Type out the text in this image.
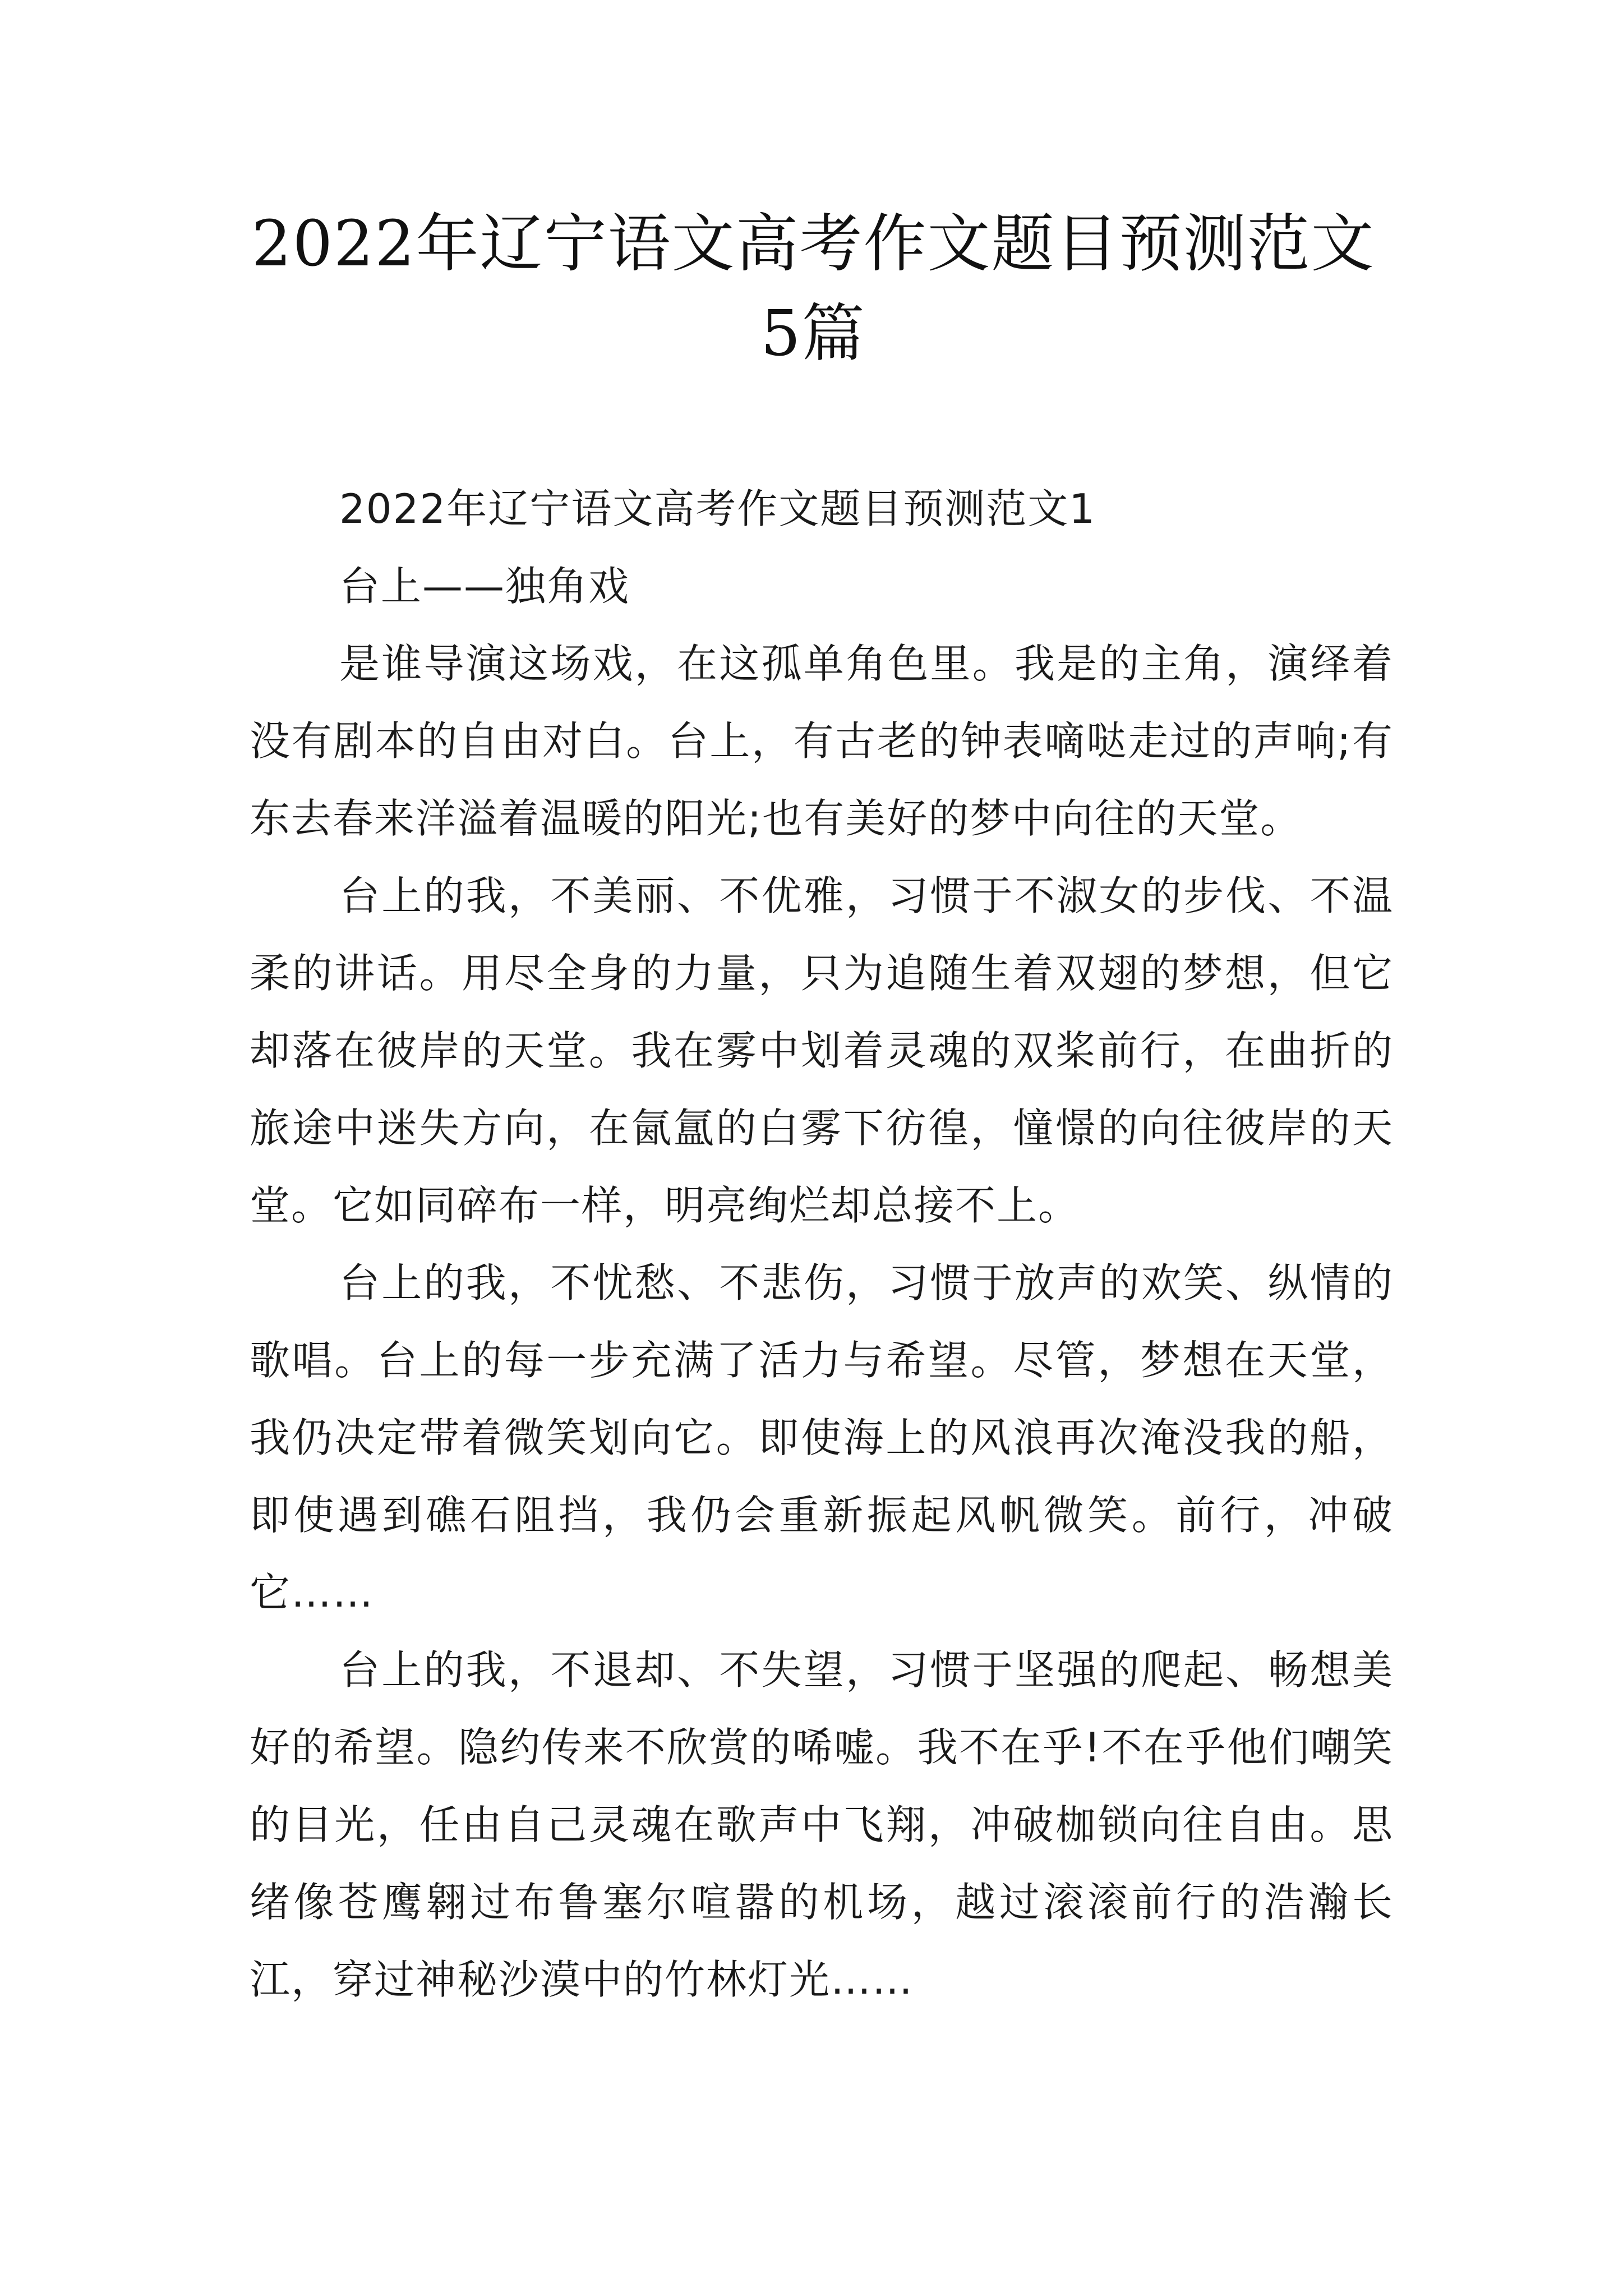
2022年辽宁语文高考作文题目预测范文5篇

2022年辽宁语文高考作文题目预测范文1

台上——独角戏

是谁导演这场戏，在这孤单角色里。我是的主角，演绎着没有剧本的自由对白。台上，有古老的钟表嘀哒走过的声响;有东去春来洋溢着温暖的阳光;也有美好的梦中向往的天堂。

台上的我，不美丽、不优雅，习惯于不淑女的步伐、不温柔的讲话。用尽全身的力量，只为追随生着双翅的梦想，但它却落在彼岸的天堂。我在雾中划着灵魂的双桨前行，在曲折的旅途中迷失方向，在氤氲的白雾下彷徨，憧憬的向往彼岸的天堂。它如同碎布一样，明亮绚烂却总接不上。

台上的我，不忧愁、不悲伤，习惯于放声的欢笑、纵情的歌唱。台上的每一步充满了活力与希望。尽管，梦想在天堂，我仍决定带着微笑划向它。即使海上的风浪再次淹没我的船，即使遇到礁石阻挡，我仍会重新振起风帆微笑。前行，冲破它……

台上的我，不退却、不失望，习惯于坚强的爬起、畅想美好的希望。隐约传来不欣赏的唏嘘。我不在乎!不在乎他们嘲笑的目光，任由自己灵魂在歌声中飞翔，冲破枷锁向往自由。思绪像苍鹰翱过布鲁塞尔喧嚣的机场，越过滚滚前行的浩瀚长江，穿过神秘沙漠中的竹林灯光……
